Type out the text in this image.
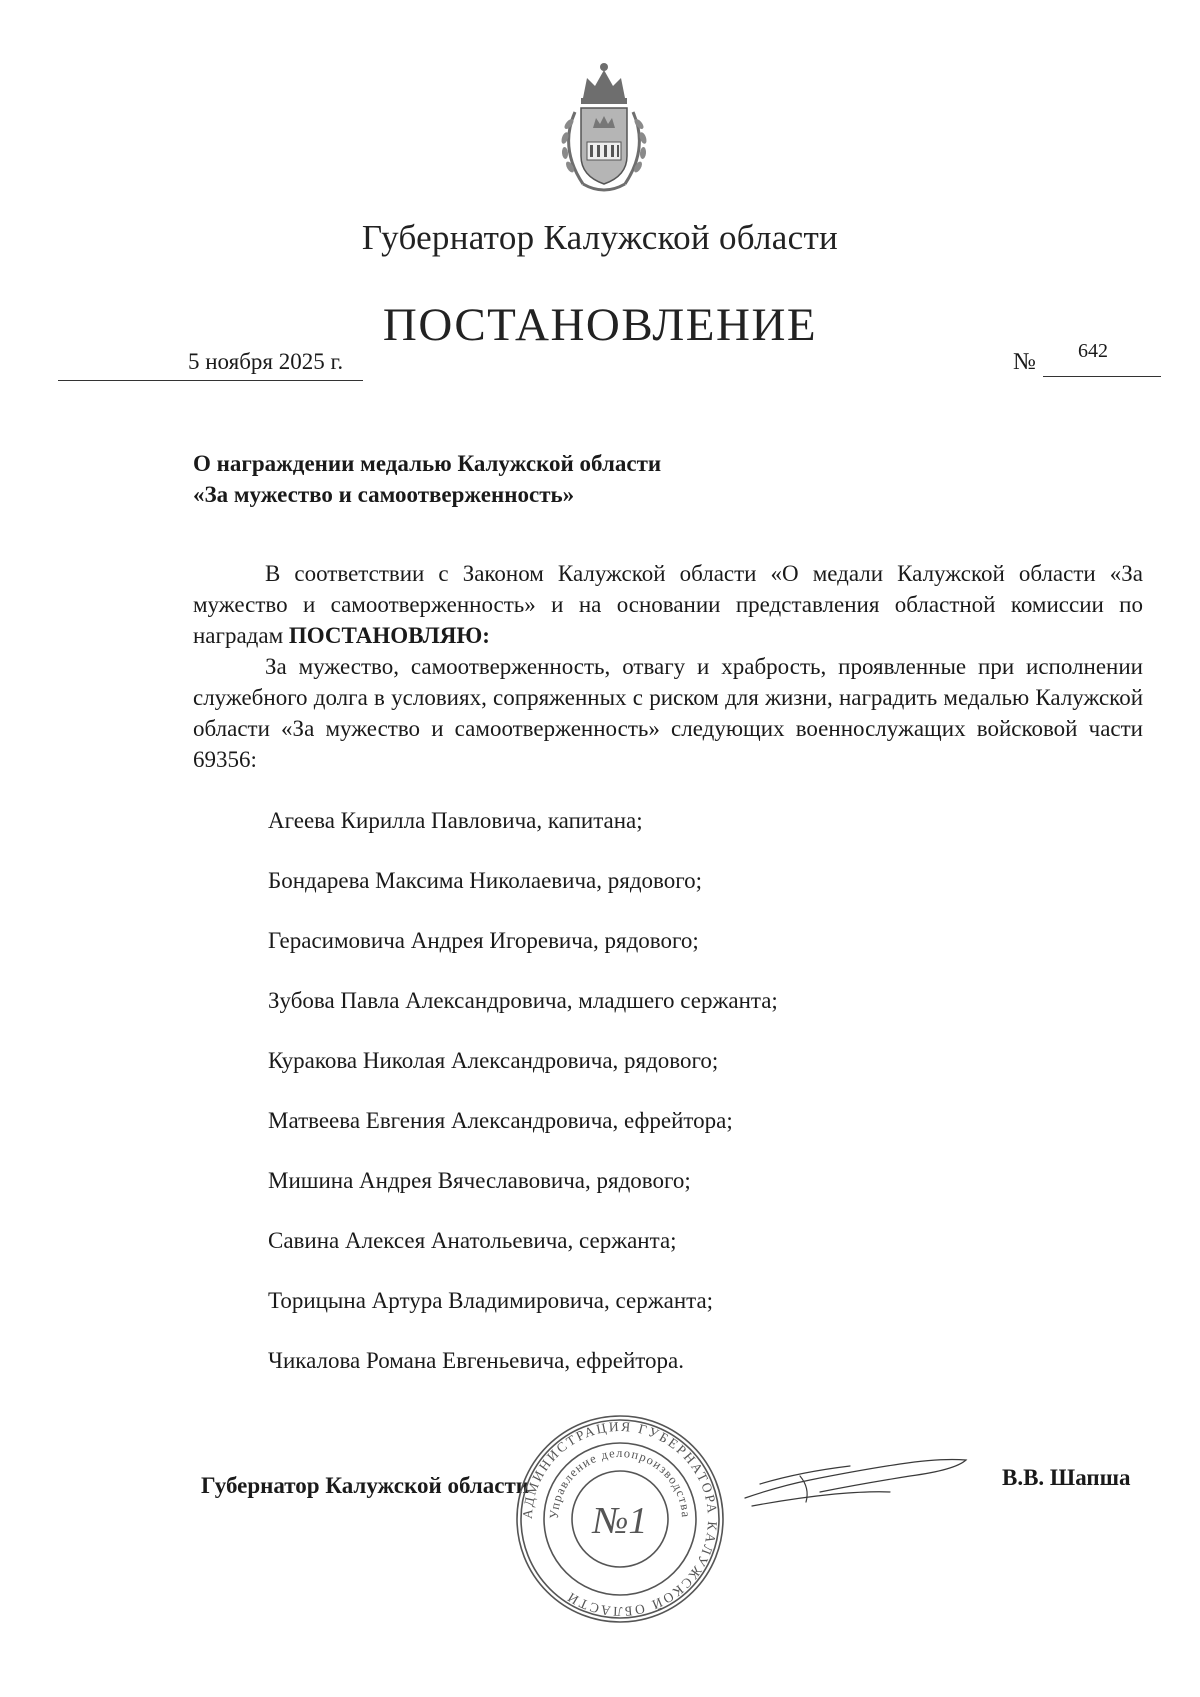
Губернатор Калужской области
ПОСТАНОВЛЕНИЕ
5 ноября 2025 г.	№ 642
О награждении медалью Калужской области
«За мужество и самоотверженность»

В соответствии с Законом Калужской области «О медали Калужской области «За мужество и самоотверженность» и на основании представления областной комиссии по наградам ПОСТАНОВЛЯЮ:

За мужество, самоотверженность, отвагу и храбрость, проявленные при исполнении служебного долга в условиях, сопряженных с риском для жизни, наградить медалью Калужской области «За мужество и самоотверженность» следующих военнослужащих войсковой части 69356:

Агеева Кирилла Павловича, капитана;
Бондарева Максима Николаевича, рядового;
Герасимовича Андрея Игоревича, рядового;
Зубова Павла Александровича, младшего сержанта;
Куракова Николая Александровича, рядового;
Матвеева Евгения Александровича, ефрейтора;
Мишина Андрея Вячеславовича, рядового;
Савина Алексея Анатольевича, сержанта;
Торицына Артура Владимировича, сержанта;
Чикалова Романа Евгеньевича, ефрейтора.
Губернатор Калужской области	В.В. Шапша
АДМИНИСТРАЦИЯ ГУБЕРНАТОРА КАЛУЖСКОЙ ОБЛАСТИ
Управление делопроизводства
№1
